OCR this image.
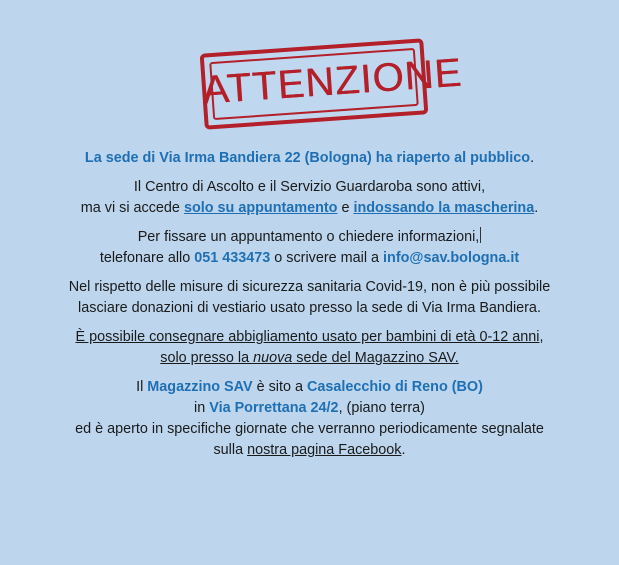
ATTENZIONE

La sede di Via Irma Bandiera 22 (Bologna) ha riaperto al pubblico.

Il Centro di Ascolto e il Servizio Guardaroba sono attivi,
ma vi si accede solo su appuntamento e indossando la mascherina.

Per fissare un appuntamento o chiedere informazioni,
telefonare allo 051 433473 o scrivere mail a info@sav.bologna.it

Nel rispetto delle misure di sicurezza sanitaria Covid-19, non è più possibile
lasciare donazioni di vestiario usato presso la sede di Via Irma Bandiera.

È possibile consegnare abbigliamento usato per bambini di età 0-12 anni,
solo presso la nuova sede del Magazzino SAV.

Il Magazzino SAV è sito a Casalecchio di Reno (BO)
in Via Porrettana 24/2, (piano terra)
ed è aperto in specifiche giornate che verranno periodicamente segnalate
sulla nostra pagina Facebook.
